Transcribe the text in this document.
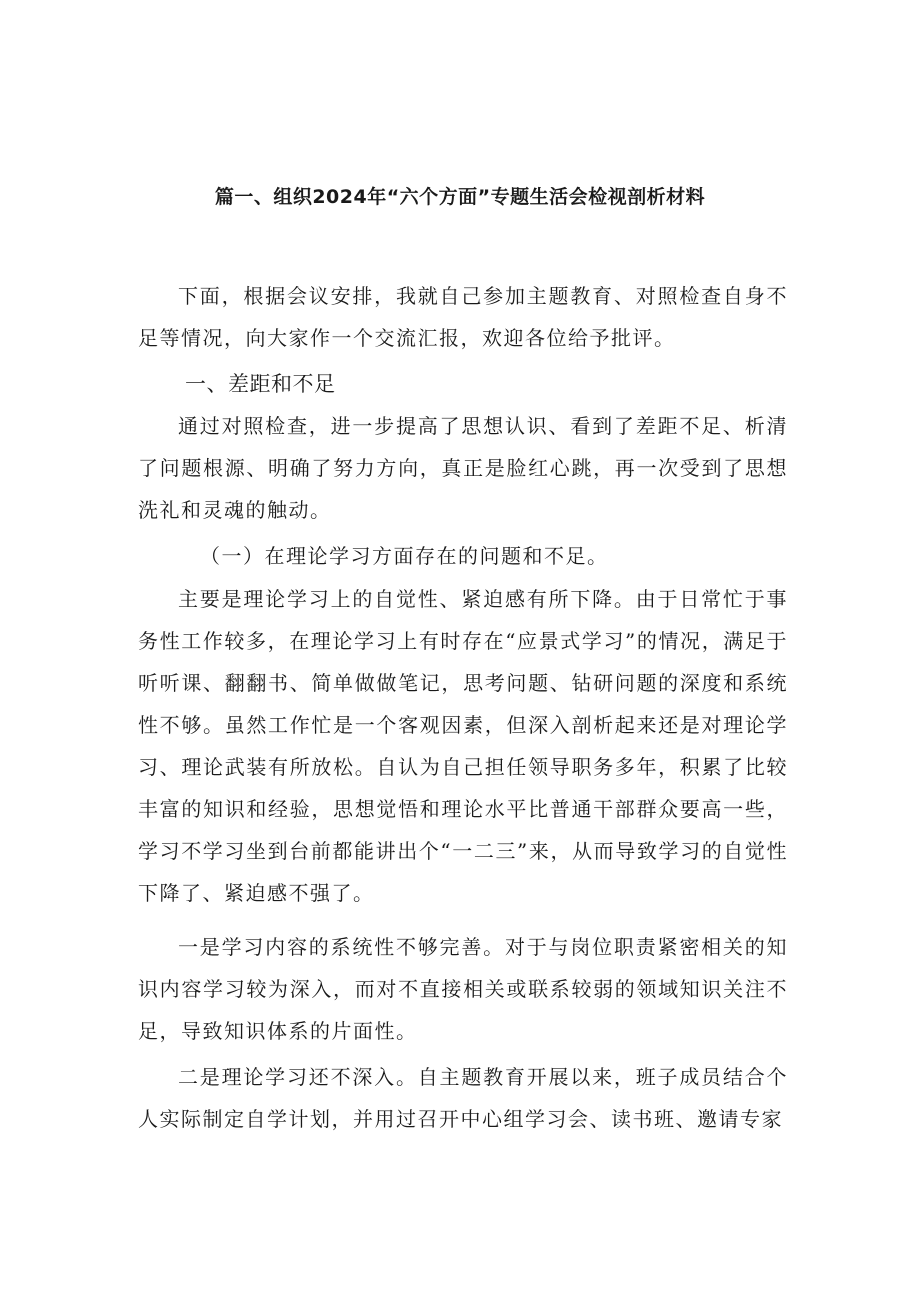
篇一、组织2024年“六个方面”专题生活会检视剖析材料

下面，根据会议安排，我就自己参加主题教育、对照检查自身不足等情况，向大家作一个交流汇报，欢迎各位给予批评。

一、差距和不足

通过对照检查，进一步提高了思想认识、看到了差距不足、析清了问题根源、明确了努力方向，真正是脸红心跳，再一次受到了思想洗礼和灵魂的触动。

（一）在理论学习方面存在的问题和不足。

主要是理论学习上的自觉性、紧迫感有所下降。由于日常忙于事务性工作较多，在理论学习上有时存在“应景式学习”的情况，满足于听听课、翻翻书、简单做做笔记，思考问题、钻研问题的深度和系统性不够。虽然工作忙是一个客观因素，但深入剖析起来还是对理论学习、理论武装有所放松。自认为自己担任领导职务多年，积累了比较丰富的知识和经验，思想觉悟和理论水平比普通干部群众要高一些，学习不学习坐到台前都能讲出个“一二三”来，从而导致学习的自觉性下降了、紧迫感不强了。

一是学习内容的系统性不够完善。对于与岗位职责紧密相关的知识内容学习较为深入，而对不直接相关或联系较弱的领域知识关注不足，导致知识体系的片面性。

二是理论学习还不深入。自主题教育开展以来，班子成员结合个人实际制定自学计划，并用过召开中心组学习会、读书班、邀请专家
